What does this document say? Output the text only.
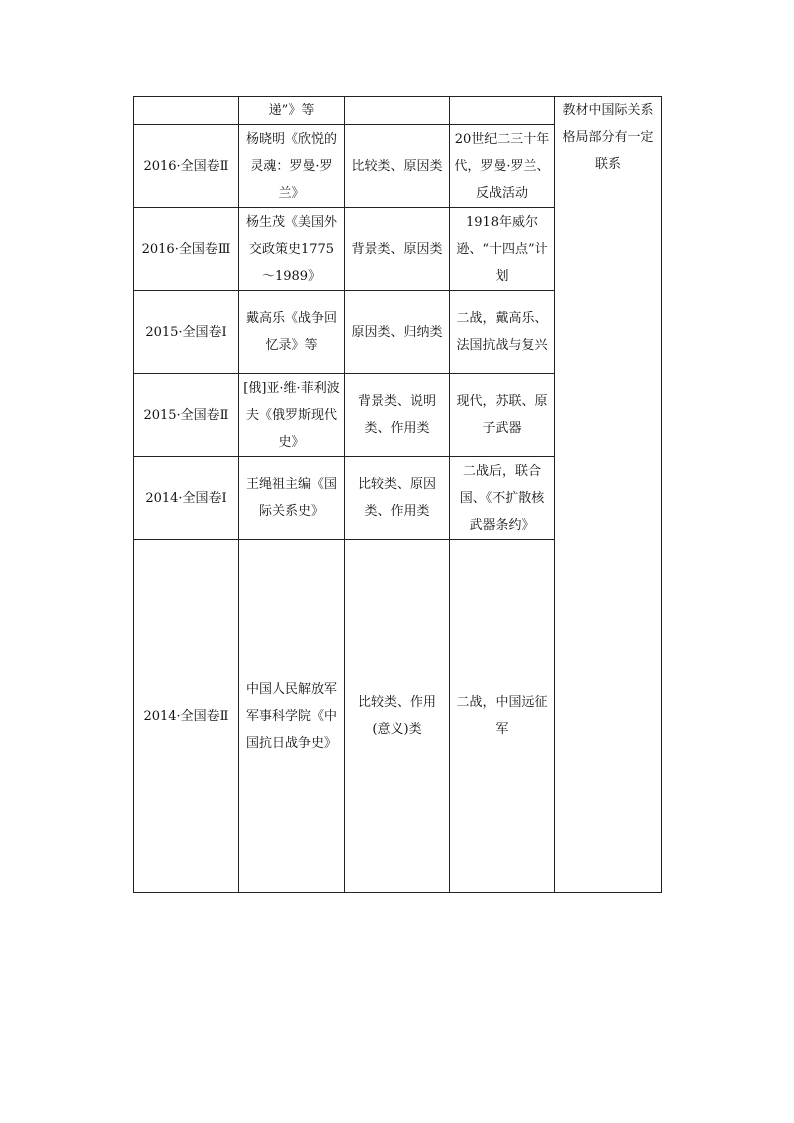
	递”》等			教材中国际关系格局部分有一定联系
2016·全国卷Ⅱ	杨晓明《欣悦的灵魂：罗曼·罗兰》	比较类、原因类	20世纪二三十年代，罗曼·罗兰、反战活动	
2016·全国卷Ⅲ	杨生茂《美国外交政策史1775～1989》	背景类、原因类	1918年威尔逊、“十四点”计划	
2015·全国卷Ⅰ	戴高乐《战争回忆录》等	原因类、归纳类	二战，戴高乐、法国抗战与复兴	
2015·全国卷Ⅱ	[俄]亚·维·菲利波夫《俄罗斯现代史》	背景类、说明类、作用类	现代，苏联、原子武器	
2014·全国卷Ⅰ	王绳祖主编《国际关系史》	比较类、原因类、作用类	二战后，联合国、《不扩散核武器条约》	
2014·全国卷Ⅱ	中国人民解放军军事科学院《中国抗日战争史》	比较类、作用(意义)类	二战，中国远征军	
